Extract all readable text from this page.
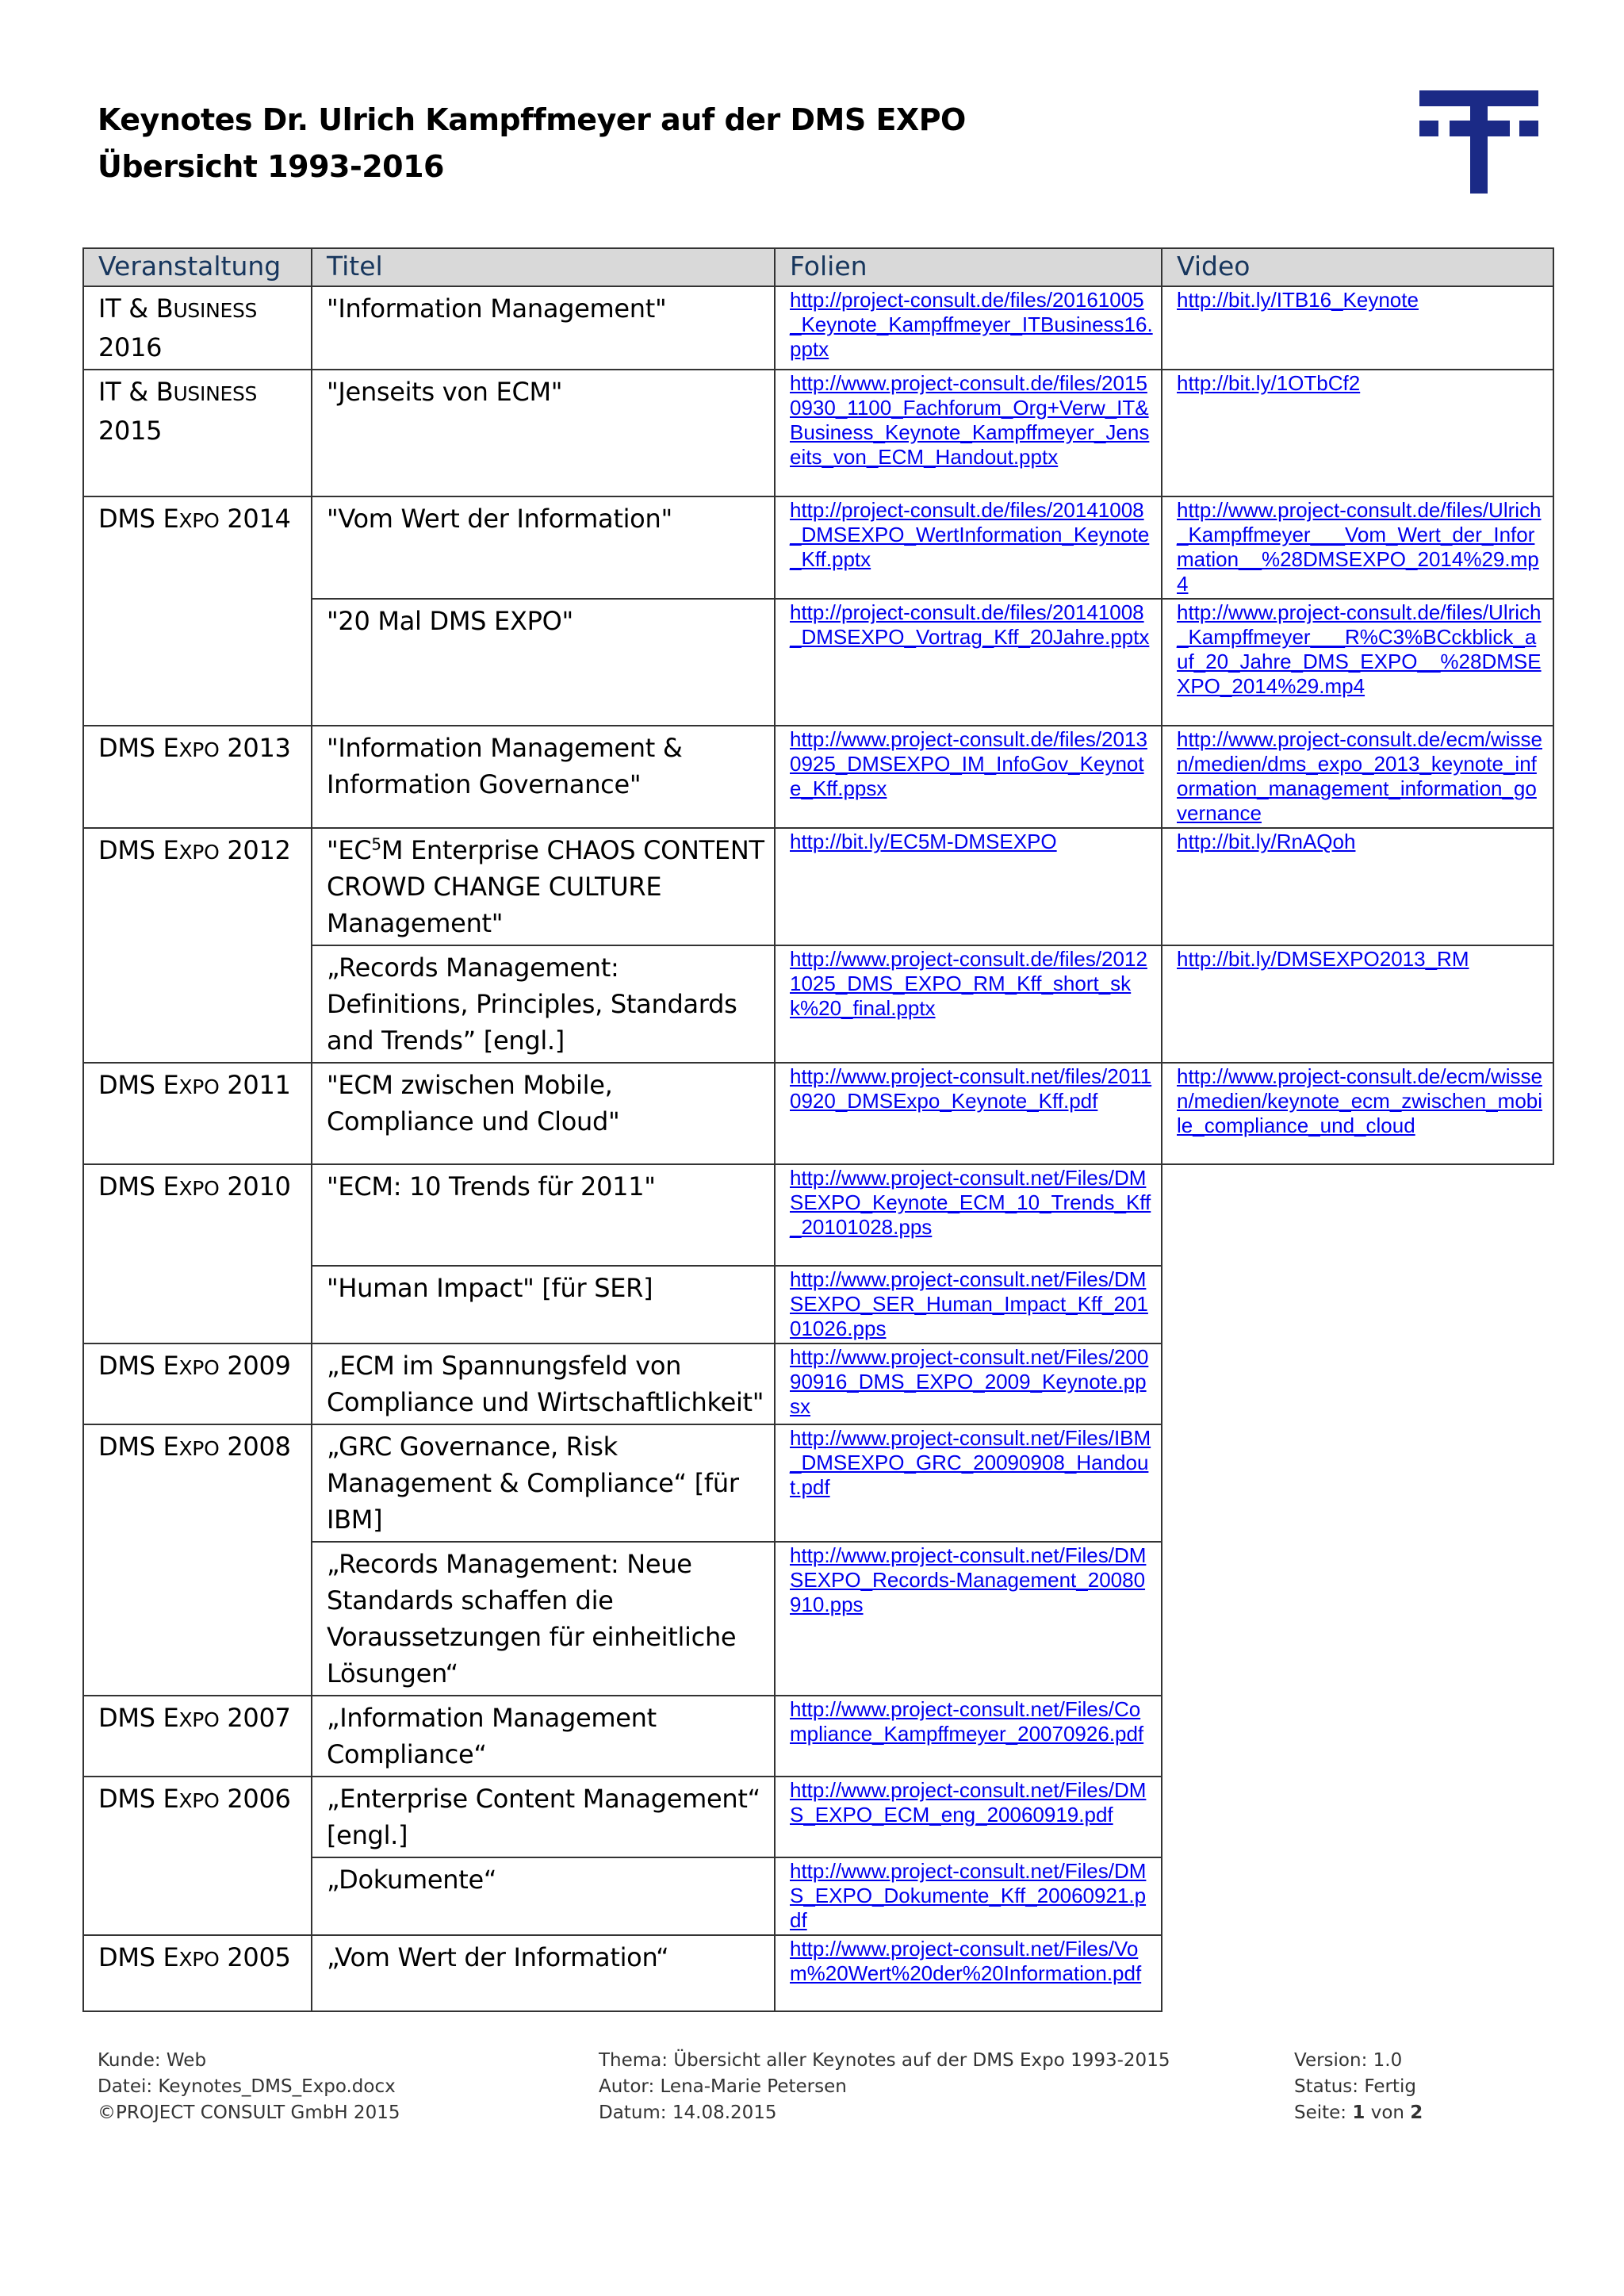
Keynotes Dr. Ulrich Kampffmeyer auf der DMS EXPO
Übersicht 1993-2016
Veranstaltung	Titel	Folien	Video
IT & BUSINESS
2016	"Information Management"	http://project-consult.de/files/20161005_Keynote_Kampffmeyer_ITBusiness16.pptx	http://bit.ly/ITB16_Keynote
IT & BUSINESS
2015	"Jenseits von ECM"	http://www.project-consult.de/files/20150930_1100_Fachforum_Org+Verw_IT&Business_Keynote_Kampffmeyer_Jenseits_von_ECM_Handout.pptx	http://bit.ly/1OTbCf2
DMS EXPO 2014	"Vom Wert der Information"	http://project-consult.de/files/20141008_DMSEXPO_WertInformation_Keynote_Kff.pptx	http://www.project-consult.de/files/Ulrich_Kampffmeyer___Vom_Wert_der_Information__%28DMSEXPO_2014%29.mp4
	"20 Mal DMS EXPO"	http://project-consult.de/files/20141008_DMSEXPO_Vortrag_Kff_20Jahre.pptx	http://www.project-consult.de/files/Ulrich_Kampffmeyer___R%C3%BCckblick_auf_20_Jahre_DMS_EXPO__%28DMSEXPO_2014%29.mp4
DMS EXPO 2013	"Information Management & Information Governance"	http://www.project-consult.de/files/20130925_DMSEXPO_IM_InfoGov_Keynote_Kff.ppsx	http://www.project-consult.de/ecm/wissen/medien/dms_expo_2013_keynote_information_management_information_governance
DMS EXPO 2012	"$EC^5M$ Enterprise CHAOS CONTENT CROWD CHANGE CULTURE Management"	http://bit.ly/EC5M-DMSEXPO	http://bit.ly/RnAQoh
	„Records Management: Definitions, Principles, Standards and Trends” [engl.]	http://www.project-consult.de/files/20121025_DMS_EXPO_RM_Kff_short_skk%20_final.pptx	http://bit.ly/DMSEXPO2013_RM
DMS EXPO 2011	"ECM zwischen Mobile, Compliance und Cloud"	http://www.project-consult.net/files/20110920_DMSExpo_Keynote_Kff.pdf	http://www.project-consult.de/ecm/wissen/medien/keynote_ecm_zwischen_mobile_compliance_und_cloud
DMS EXPO 2010	"ECM: 10 Trends für 2011"	http://www.project-consult.net/Files/DMSEXPO_Keynote_ECM_10_Trends_Kff_20101028.pps	
	"Human Impact" [für SER]	http://www.project-consult.net/Files/DMSEXPO_SER_Human_Impact_Kff_20101026.pps	
DMS EXPO 2009	„ECM im Spannungsfeld von Compliance und Wirtschaftlichkeit"	http://www.project-consult.net/Files/20090916_DMS_EXPO_2009_Keynote.ppsx	
DMS EXPO 2008	„GRC Governance, Risk Management & Compliance“ [für IBM]	http://www.project-consult.net/Files/IBM_DMSEXPO_GRC_20090908_Handout.pdf	
	„Records Management: Neue Standards schaffen die Voraussetzungen für einheitliche Lösungen“	http://www.project-consult.net/Files/DMSEXPO_Records-Management_20080910.pps	
DMS EXPO 2007	„Information Management Compliance“	http://www.project-consult.net/Files/Compliance_Kampffmeyer_20070926.pdf	
DMS EXPO 2006	„Enterprise Content Management“ [engl.]	http://www.project-consult.net/Files/DMS_EXPO_ECM_eng_20060919.pdf	
	„Dokumente“	http://www.project-consult.net/Files/DMS_EXPO_Dokumente_Kff_20060921.pdf	
DMS EXPO 2005	„Vom Wert der Information“	http://www.project-consult.net/Files/Vom%20Wert%20der%20Information.pdf	
Kunde: Web
Datei: Keynotes_DMS_Expo.docx
©PROJECT CONSULT GmbH 2015
Thema: Übersicht aller Keynotes auf der DMS Expo 1993-2015
Autor: Lena-Marie Petersen
Datum: 14.08.2015
Version: 1.0
Status: Fertig
Seite: 1 von 2
